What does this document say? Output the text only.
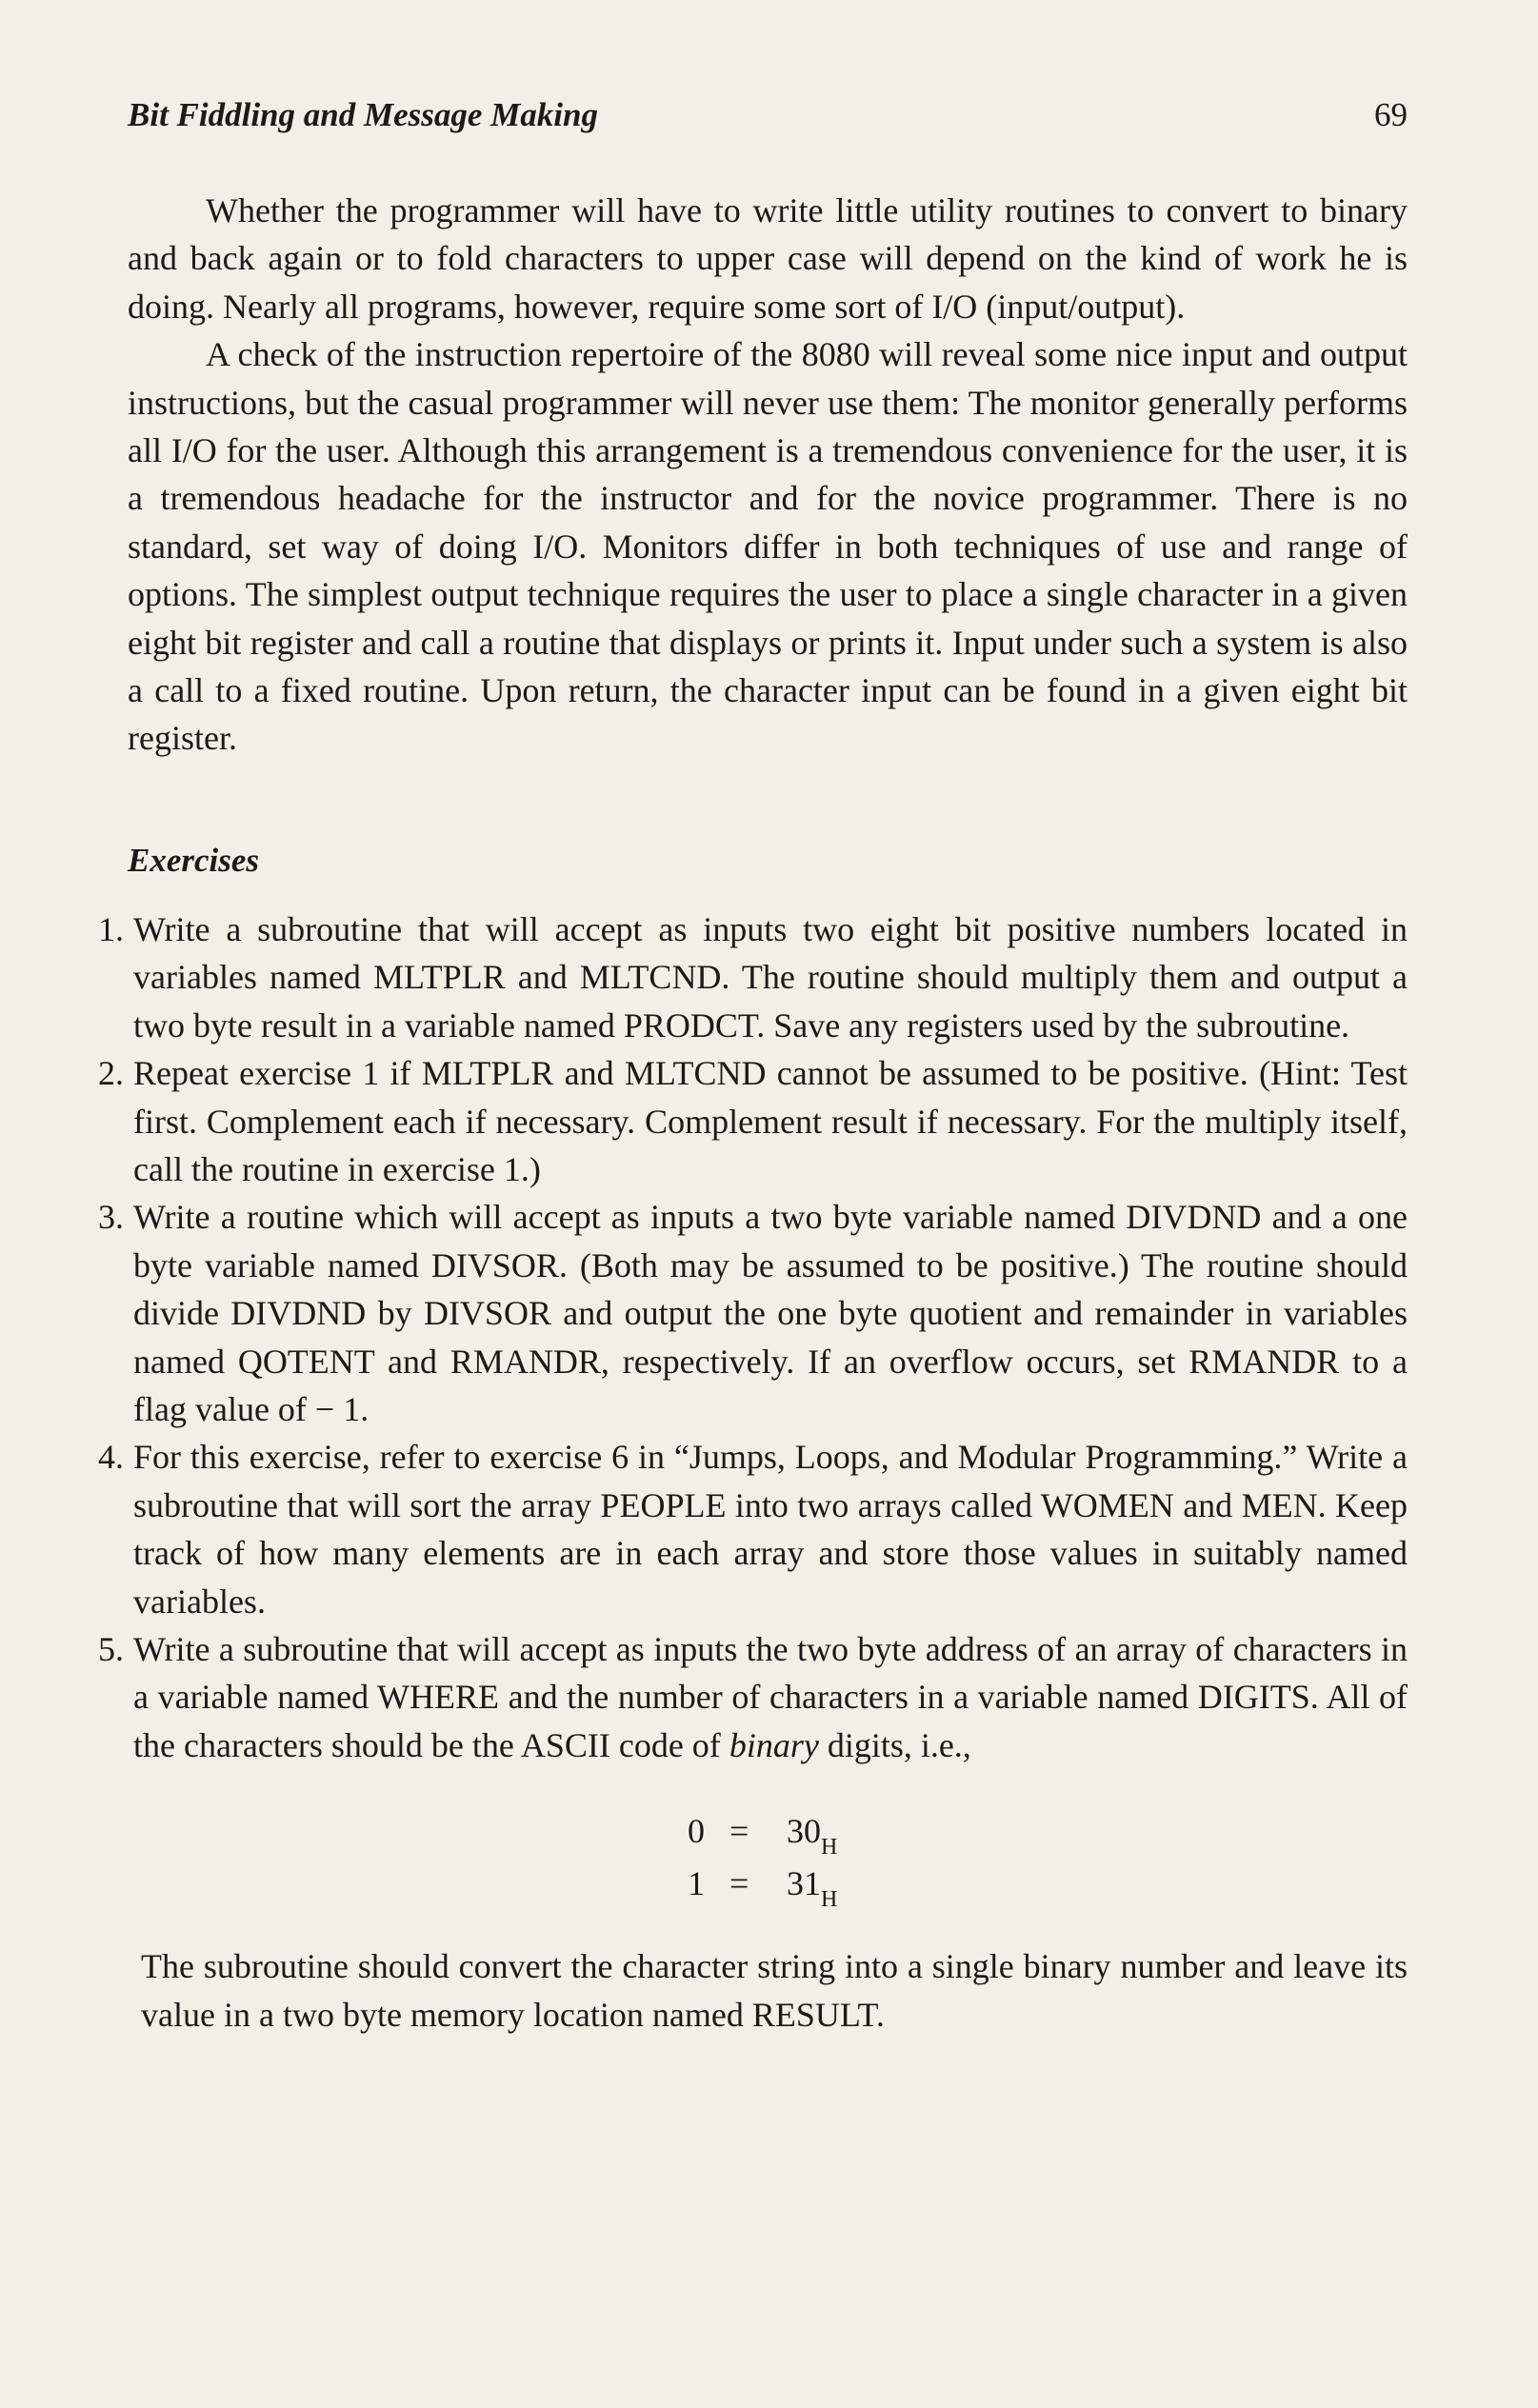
Bit Fiddling and Message Making	69

Whether the programmer will have to write little utility routines to convert to binary and back again or to fold characters to upper case will depend on the kind of work he is doing. Nearly all programs, however, require some sort of I/O (input/output).

A check of the instruction repertoire of the 8080 will reveal some nice input and output instructions, but the casual programmer will never use them: The monitor generally performs all I/O for the user. Although this arrangement is a tremendous convenience for the user, it is a tremendous headache for the instructor and for the novice programmer. There is no standard, set way of doing I/O. Monitors differ in both techniques of use and range of options. The simplest output technique requires the user to place a single character in a given eight bit register and call a routine that displays or prints it. Input under such a system is also a call to a fixed routine. Upon return, the character input can be found in a given eight bit register.

Exercises
1. Write a subroutine that will accept as inputs two eight bit positive numbers located in variables named MLTPLR and MLTCND. The routine should multiply them and output a two byte result in a variable named PRODCT. Save any registers used by the subroutine.
2. Repeat exercise 1 if MLTPLR and MLTCND cannot be assumed to be positive. (Hint: Test first. Complement each if necessary. Complement result if necessary. For the multiply itself, call the routine in exercise 1.)
3. Write a routine which will accept as inputs a two byte variable named DIVDND and a one byte variable named DIVSOR. (Both may be assumed to be positive.) The routine should divide DIVDND by DIVSOR and output the one byte quotient and remainder in variables named QOTENT and RMANDR, respectively. If an overflow occurs, set RMANDR to a flag value of − 1.
4. For this exercise, refer to exercise 6 in “Jumps, Loops, and Modular Programming.” Write a subroutine that will sort the array PEOPLE into two arrays called WOMEN and MEN. Keep track of how many elements are in each array and store those values in suitably named variables.
5. Write a subroutine that will accept as inputs the two byte address of an array of characters in a variable named WHERE and the number of characters in a variable named DIGITS. All of the characters should be the ASCII code of binary digits, i.e.,
$0 = 30_H$
$1 = 31_H$

The subroutine should convert the character string into a single binary number and leave its value in a two byte memory location named RESULT.
